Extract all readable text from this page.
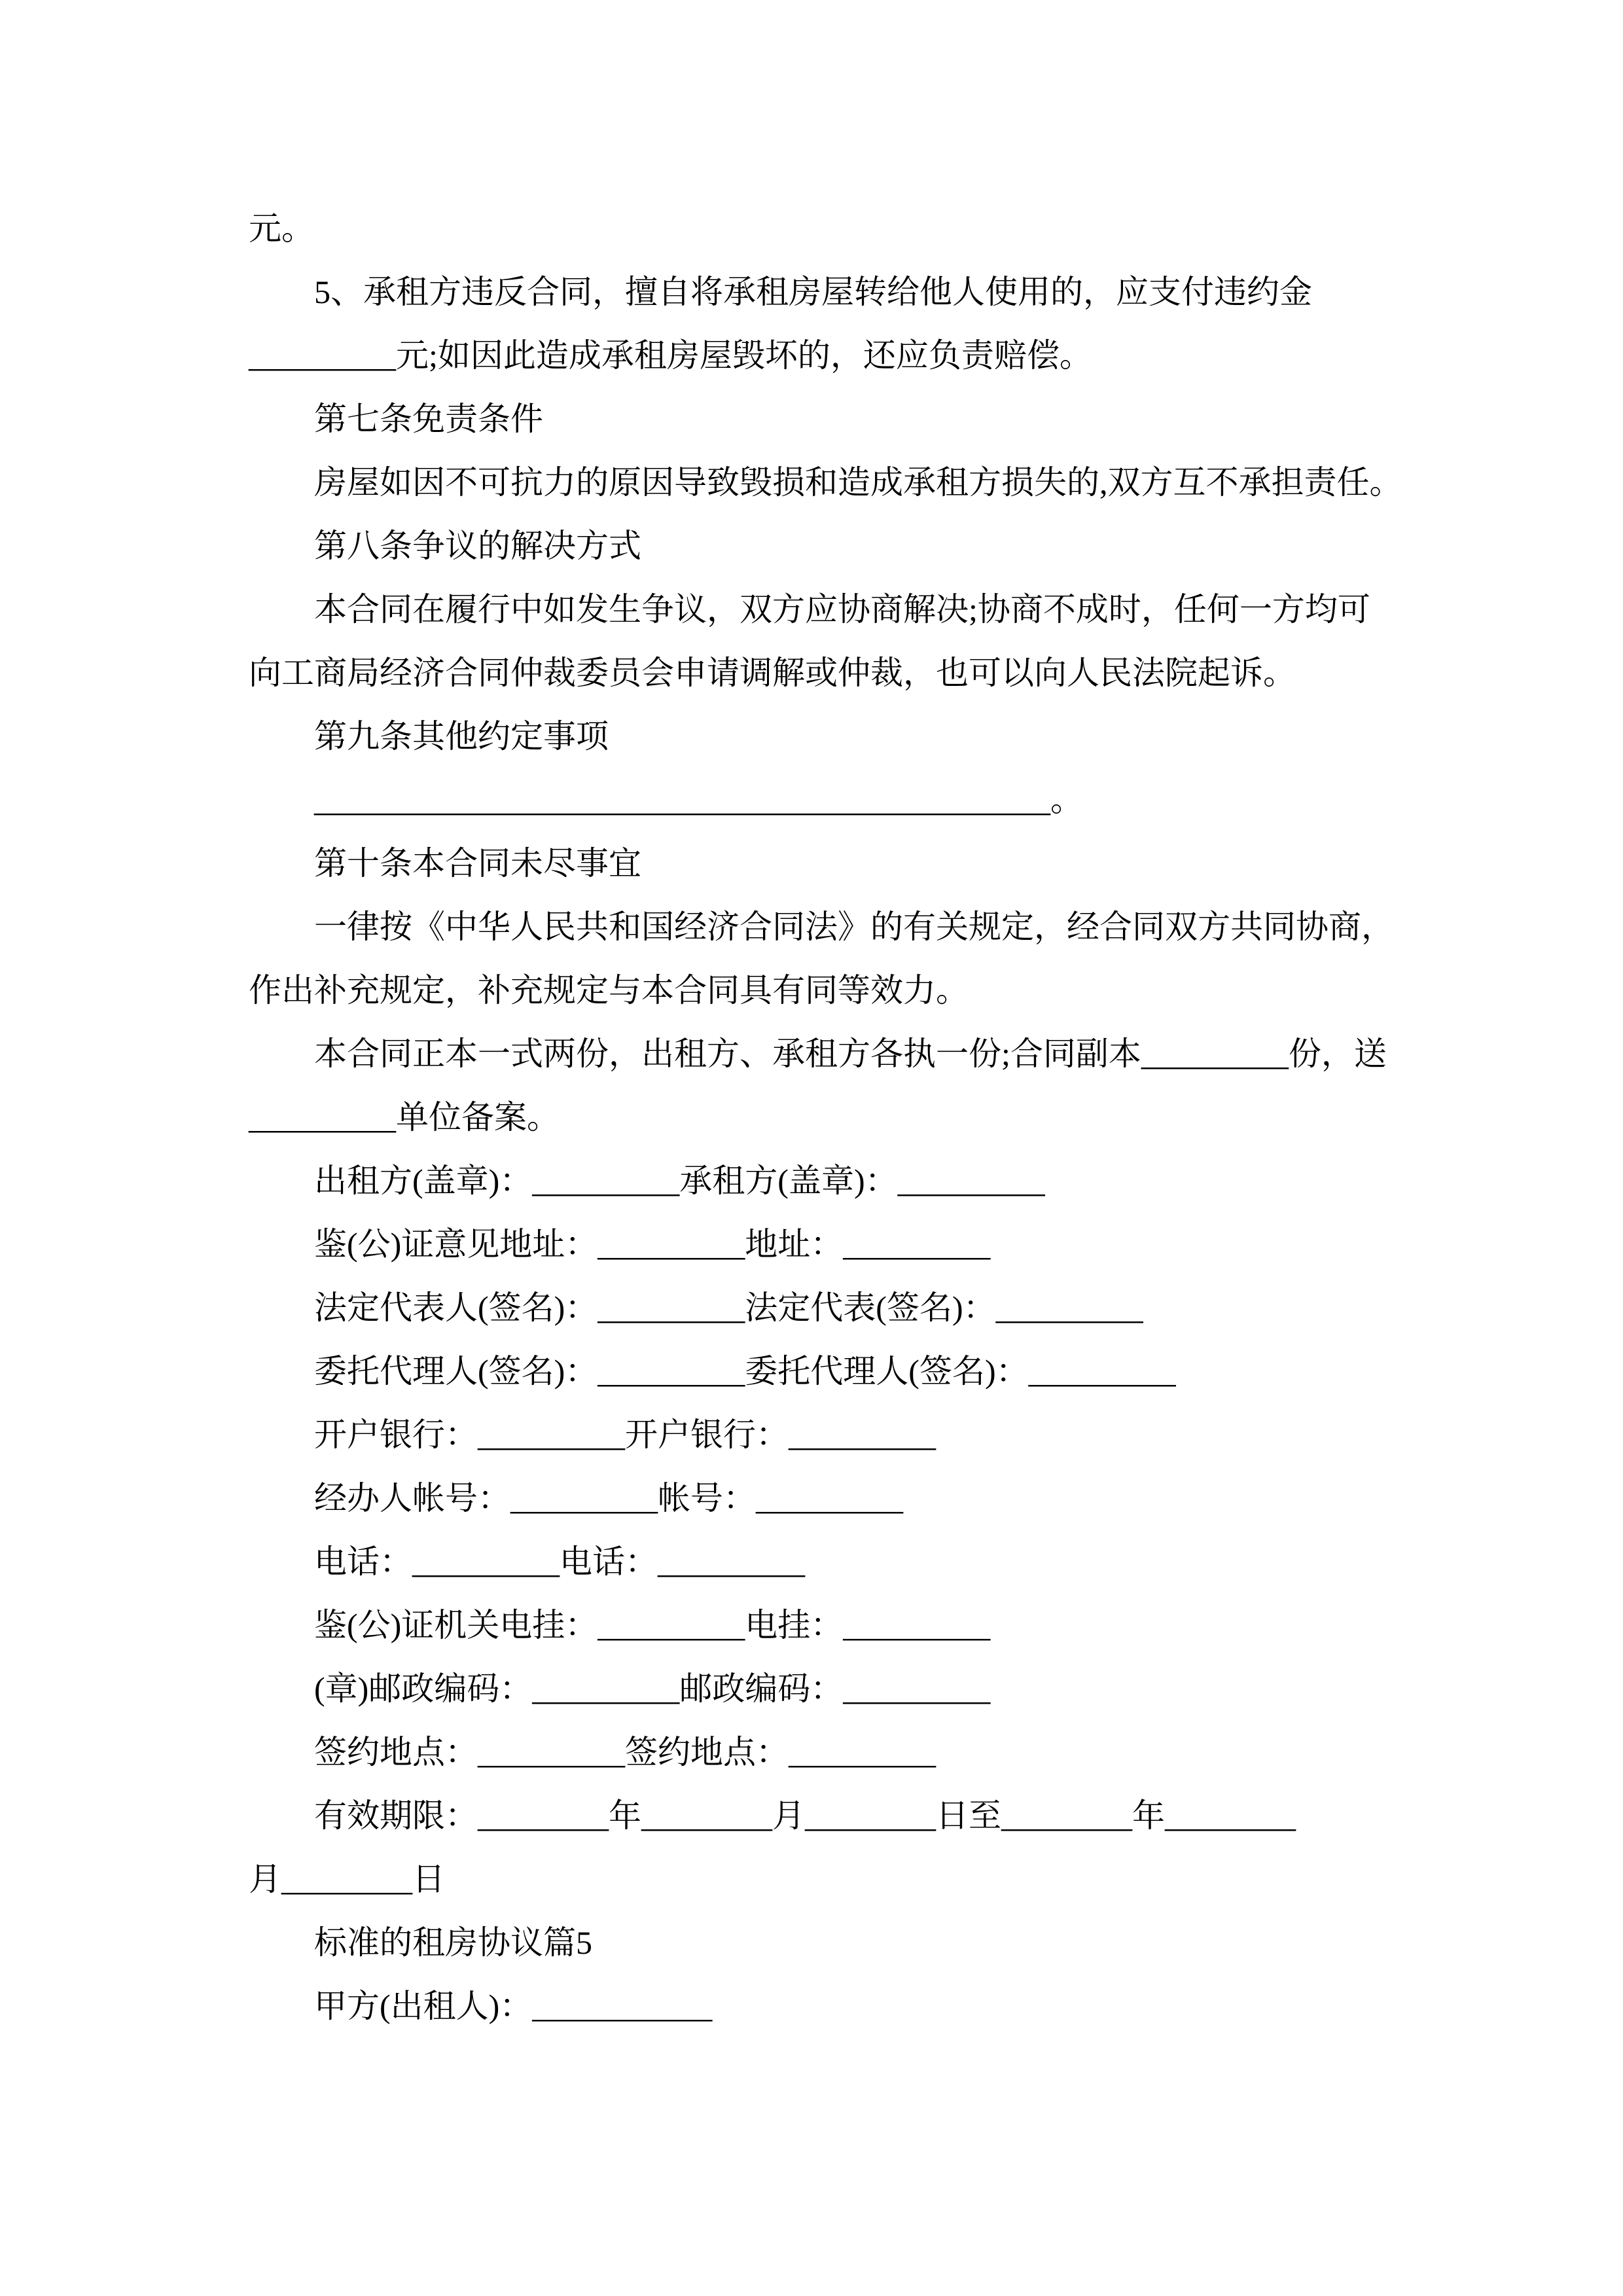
元。
5、承租方违反合同，擅自将承租房屋转给他人使用的，应支付违约金
_________元;如因此造成承租房屋毁坏的，还应负责赔偿。
第七条免责条件
房屋如因不可抗力的原因导致毁损和造成承租方损失的,双方互不承担责任。
第八条争议的解决方式
本合同在履行中如发生争议，双方应协商解决;协商不成时，任何一方均可
向工商局经济合同仲裁委员会申请调解或仲裁，也可以向人民法院起诉。
第九条其他约定事项
_____________________________________________。
第十条本合同未尽事宜
一律按《中华人民共和国经济合同法》的有关规定，经合同双方共同协商，
作出补充规定，补充规定与本合同具有同等效力。
本合同正本一式两份，出租方、承租方各执一份;合同副本_________份，送
_________单位备案。
出租方(盖章)：_________承租方(盖章)：_________
鉴(公)证意见地址：_________地址：_________
法定代表人(签名)：_________法定代表(签名)：_________
委托代理人(签名)：_________委托代理人(签名)：_________
开户银行：_________开户银行：_________
经办人帐号：_________帐号：_________
电话：_________电话：_________
鉴(公)证机关电挂：_________电挂：_________
(章)邮政编码：_________邮政编码：_________
签约地点：_________签约地点：_________
有效期限：________年________月________日至________年________
月________日
标准的租房协议篇5
甲方(出租人)：___________
